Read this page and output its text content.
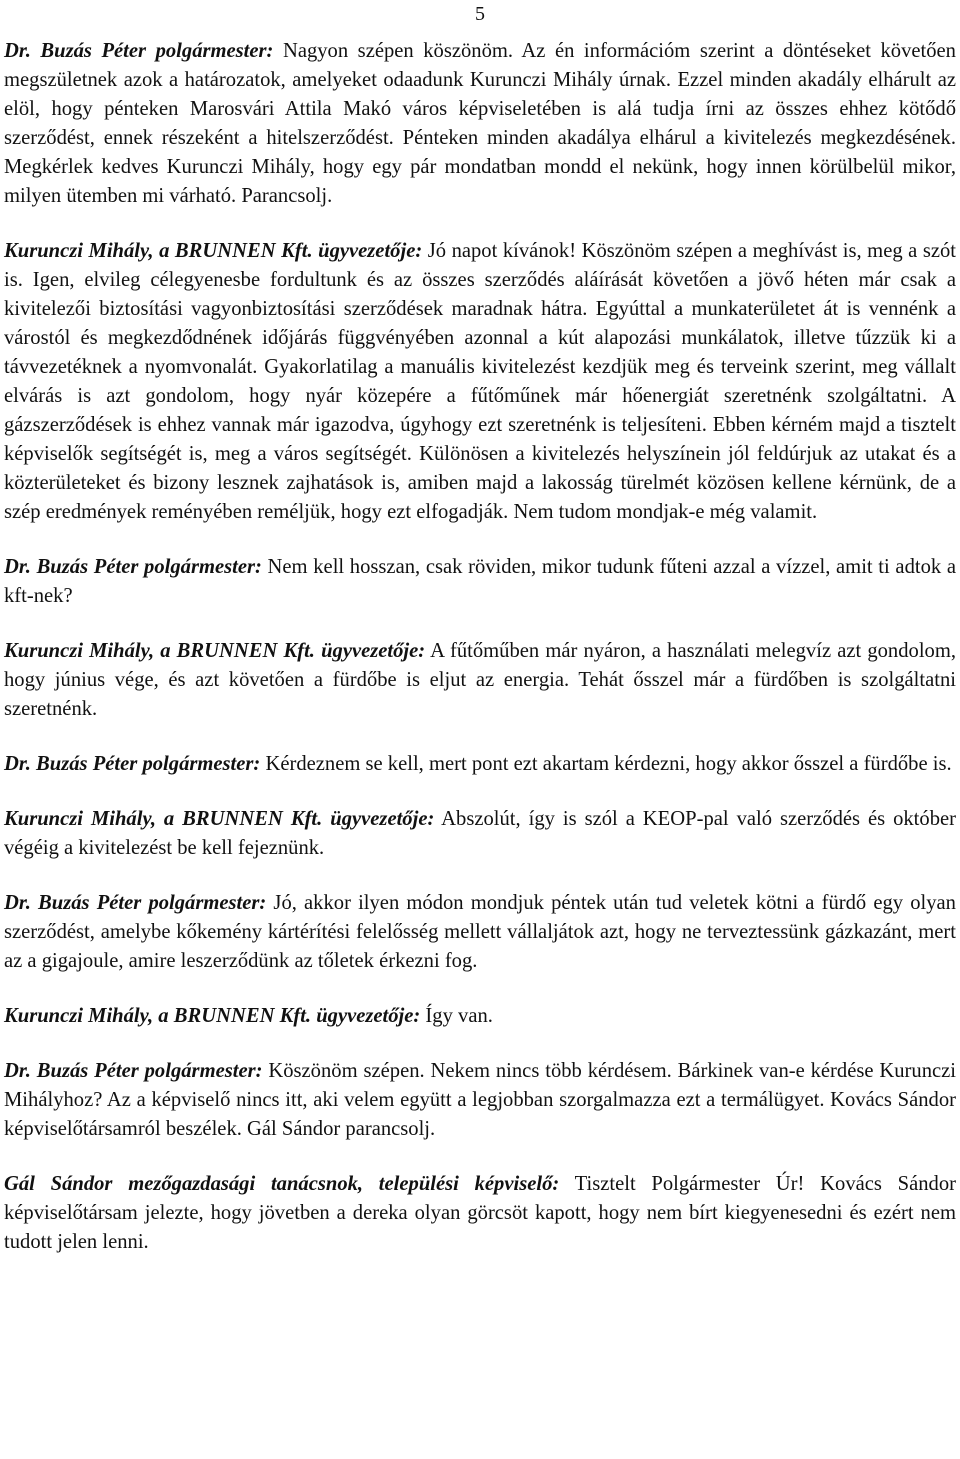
5

Dr. Buzás Péter polgármester: Nagyon szépen köszönöm. Az én információm szerint a döntéseket követően megszületnek azok a határozatok, amelyeket odaadunk Kurunczi Mihály úrnak. Ezzel minden akadály elhárult az elöl, hogy pénteken Marosvári Attila Makó város képviseletében is alá tudja írni az összes ehhez kötődő szerződést, ennek részeként a hitelszerződést. Pénteken minden akadálya elhárul a kivitelezés megkezdésének. Megkérlek kedves Kurunczi Mihály, hogy egy pár mondatban mondd el nekünk, hogy innen körülbelül mikor, milyen ütemben mi várható. Parancsolj.

Kurunczi Mihály, a BRUNNEN Kft. ügyvezetője: Jó napot kívánok! Köszönöm szépen a meghívást is, meg a szót is. Igen, elvileg célegyenesbe fordultunk és az összes szerződés aláírását követően a jövő héten már csak a kivitelezői biztosítási vagyonbiztosítási szerződések maradnak hátra. Egyúttal a munkaterületet át is vennénk a várostól és megkezdődnének időjárás függvényében azonnal a kút alapozási munkálatok, illetve tűzzük ki a távvezetéknek a nyomvonalát. Gyakorlatilag a manuális kivitelezést kezdjük meg és terveink szerint, meg vállalt elvárás is azt gondolom, hogy nyár közepére a fűtőműnek már hőenergiát szeretnénk szolgáltatni. A gázszerződések is ehhez vannak már igazodva, úgyhogy ezt szeretnénk is teljesíteni. Ebben kérném majd a tisztelt képviselők segítségét is, meg a város segítségét. Különösen a kivitelezés helyszínein jól feldúrjuk az utakat és a közterületeket és bizony lesznek zajhatások is, amiben majd a lakosság türelmét közösen kellene kérnünk, de a szép eredmények reményében reméljük, hogy ezt elfogadják. Nem tudom mondjak-e még valamit.

Dr. Buzás Péter polgármester: Nem kell hosszan, csak röviden, mikor tudunk fűteni azzal a vízzel, amit ti adtok a kft-nek?

Kurunczi Mihály, a BRUNNEN Kft. ügyvezetője: A fűtőműben már nyáron, a használati melegvíz azt gondolom, hogy június vége, és azt követően a fürdőbe is eljut az energia. Tehát ősszel már a fürdőben is szolgáltatni szeretnénk.

Dr. Buzás Péter polgármester: Kérdeznem se kell, mert pont ezt akartam kérdezni, hogy akkor ősszel a fürdőbe is.

Kurunczi Mihály, a BRUNNEN Kft. ügyvezetője: Abszolút, így is szól a KEOP-pal való szerződés és október végéig a kivitelezést be kell fejeznünk.

Dr. Buzás Péter polgármester: Jó, akkor ilyen módon mondjuk péntek után tud veletek kötni a fürdő egy olyan szerződést, amelybe kőkemény kártérítési felelősség mellett vállaljátok azt, hogy ne terveztessünk gázkazánt, mert az a gigajoule, amire leszerződünk az tőletek érkezni fog.

Kurunczi Mihály, a BRUNNEN Kft. ügyvezetője: Így van.

Dr. Buzás Péter polgármester: Köszönöm szépen. Nekem nincs több kérdésem. Bárkinek van-e kérdése Kurunczi Mihályhoz? Az a képviselő nincs itt, aki velem együtt a legjobban szorgalmazza ezt a termálügyet. Kovács Sándor képviselőtársamról beszélek. Gál Sándor parancsolj.

Gál Sándor mezőgazdasági tanácsnok, települési képviselő: Tisztelt Polgármester Úr! Kovács Sándor képviselőtársam jelezte, hogy jövetben a dereka olyan görcsöt kapott, hogy nem bírt kiegyenesedni és ezért nem tudott jelen lenni.
